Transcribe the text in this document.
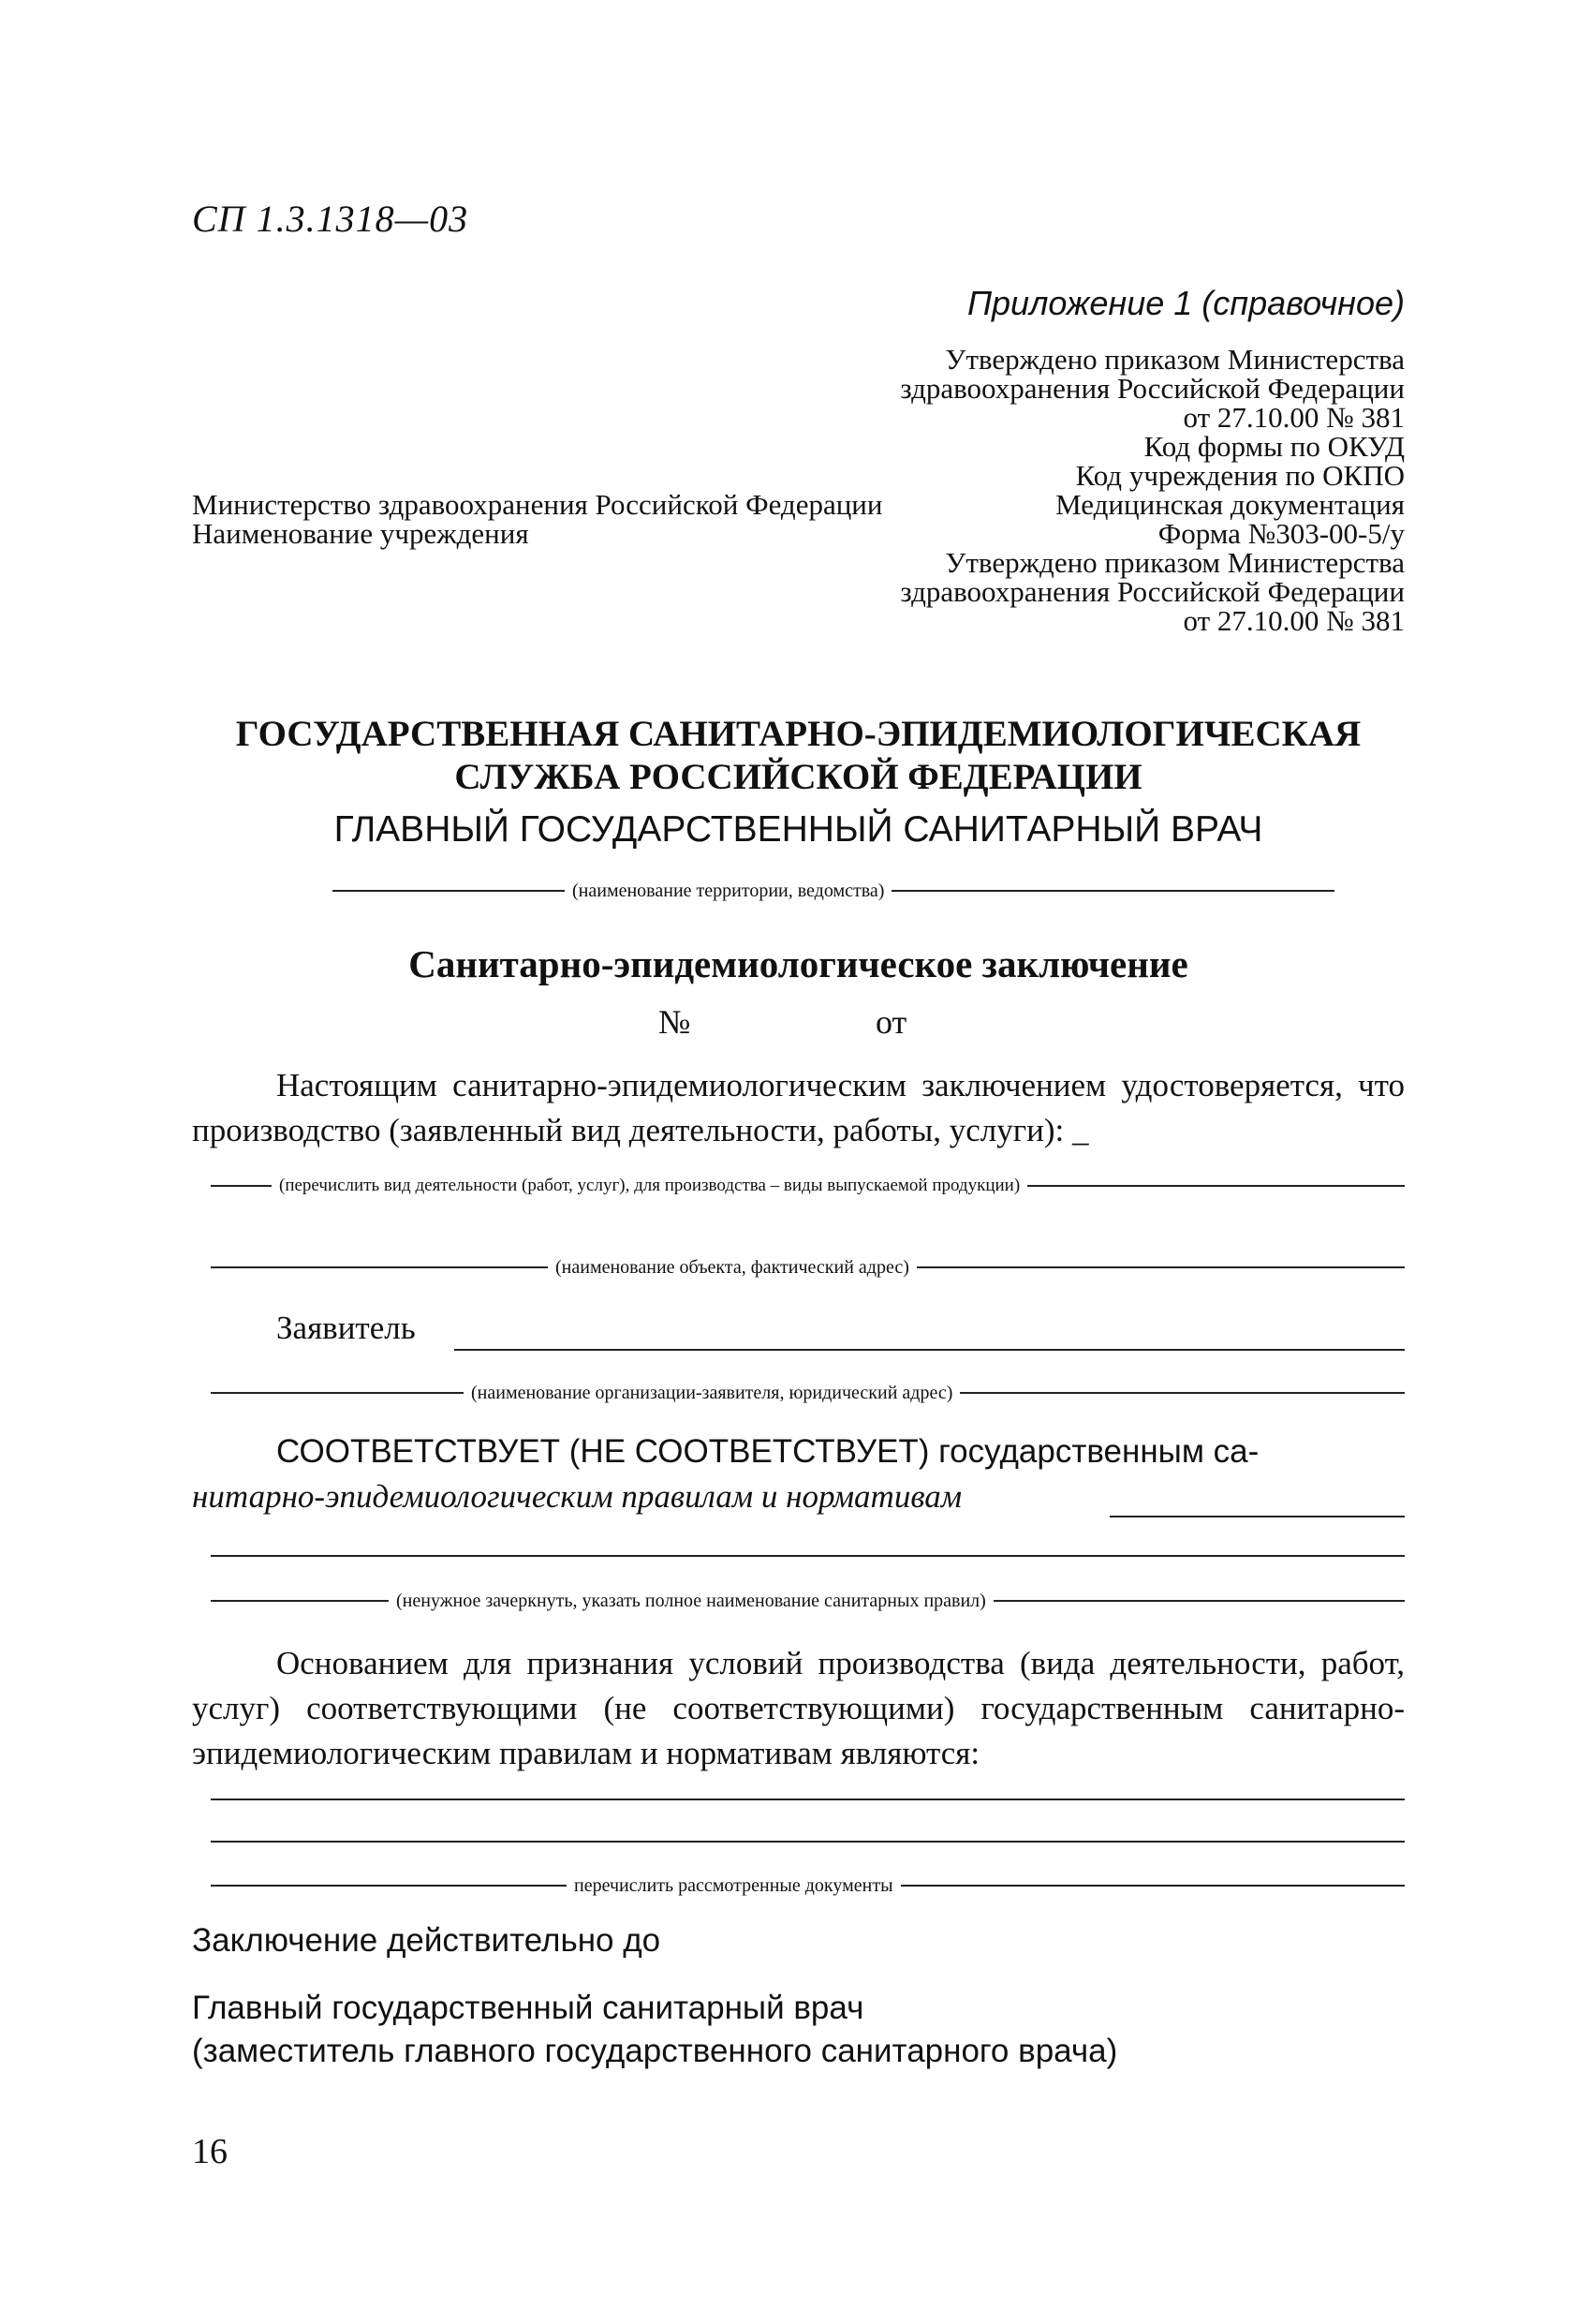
СП 1.3.1318—03
Приложение 1 (справочное)
Утверждено приказом Министерства
здравоохранения Российской Федерации
от 27.10.00 № 381
Код формы по ОКУД
Код учреждения по ОКПО
Медицинская документация
Форма №303-00-5/у
Утверждено приказом Министерства
здравоохранения Российской Федерации
от 27.10.00 № 381
Министерство здравоохранения Российской Федерации
Наименование учреждения
ГОСУДАРСТВЕННАЯ САНИТАРНО-ЭПИДЕМИОЛОГИЧЕСКАЯ
СЛУЖБА РОССИЙСКОЙ ФЕДЕРАЦИИ
ГЛАВНЫЙ ГОСУДАРСТВЕННЫЙ САНИТАРНЫЙ ВРАЧ
(наименование территории, ведомства)
Санитарно-эпидемиологическое заключение
№	от
Настоящим санитарно-эпидемиологическим заключением удостоверяется, что производство (заявленный вид деятельности, работы, услуги): _
(перечислить вид деятельности (работ, услуг), для производства – виды выпускаемой продукции)
(наименование объекта, фактический адрес)
Заявитель
(наименование организации-заявителя, юридический адрес)
СООТВЕТСТВУЕТ (НЕ СООТВЕТСТВУЕТ) государственным са-
нитарно-эпидемиологическим правилам и нормативам
(ненужное зачеркнуть, указать полное наименование санитарных правил)
Основанием для признания условий производства (вида деятельности, работ, услуг) соответствующими (не соответствующими) государственным санитарно-эпидемиологическим правилам и нормативам являются:
перечислить рассмотренные документы
Заключение действительно до
Главный государственный санитарный врач
(заместитель главного государственного санитарного врача)
16
